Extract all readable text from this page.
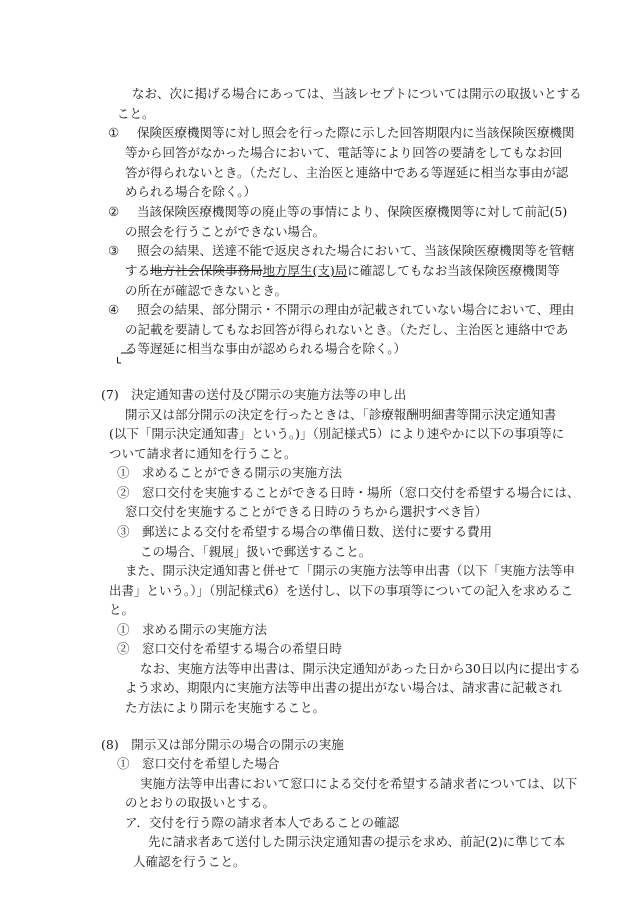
なお、次に掲げる場合にあっては、当該レセプトについては開示の取扱いとする
こと。
① 保険医療機関等に対し照会を行った際に示した回答期限内に当該保険医療機関
等から回答がなかった場合において、電話等により回答の要請をしてもなお回
答が得られないとき。（ただし、主治医と連絡中である等遅延に相当な事由が認
められる場合を除く。）
② 当該保険医療機関等の廃止等の事情により、保険医療機関等に対して前記(5)
の照会を行うことができない場合。
③ 照会の結果、送達不能で返戻された場合において、当該保険医療機関等を管轄
する地方社会保険事務局地方厚生(支)局に確認してもなお当該保険医療機関等
の所在が確認できないとき。
④ 照会の結果、部分開示・不開示の理由が記載されていない場合において、理由
の記載を要請してもなお回答が得られないとき。（ただし、主治医と連絡中であ
る等遅延に相当な事由が認められる場合を除く。）
(7)　決定通知書の送付及び開示の実施方法等の申し出
開示又は部分開示の決定を行ったときは、「診療報酬明細書等開示決定通知書
(以下「開示決定通知書」という。)」（別記様式5）により速やかに以下の事項等に
ついて請求者に通知を行うこと。
①　求めることができる開示の実施方法
②　窓口交付を実施することができる日時・場所（窓口交付を希望する場合には、
窓口交付を実施することができる日時のうちから選択すべき旨）
③　郵送による交付を希望する場合の準備日数、送付に要する費用
この場合、「親展」扱いで郵送すること。
また、開示決定通知書と併せて「開示の実施方法等申出書（以下「実施方法等申
出書」という。）」（別記様式6）を送付し、以下の事項等についての記入を求めるこ
と。
①　求める開示の実施方法
②　窓口交付を希望する場合の希望日時
なお、実施方法等申出書は、開示決定通知があった日から30日以内に提出する
よう求め、期限内に実施方法等申出書の提出がない場合は、請求書に記載され
た方法により開示を実施すること。
(8)　開示又は部分開示の場合の開示の実施
①　窓口交付を希望した場合
実施方法等申出書において窓口による交付を希望する請求者については、以下
のとおりの取扱いとする。
ア．交付を行う際の請求者本人であることの確認
先に請求者あて送付した開示決定通知書の提示を求め、前記(2)に準じて本
人確認を行うこと。
